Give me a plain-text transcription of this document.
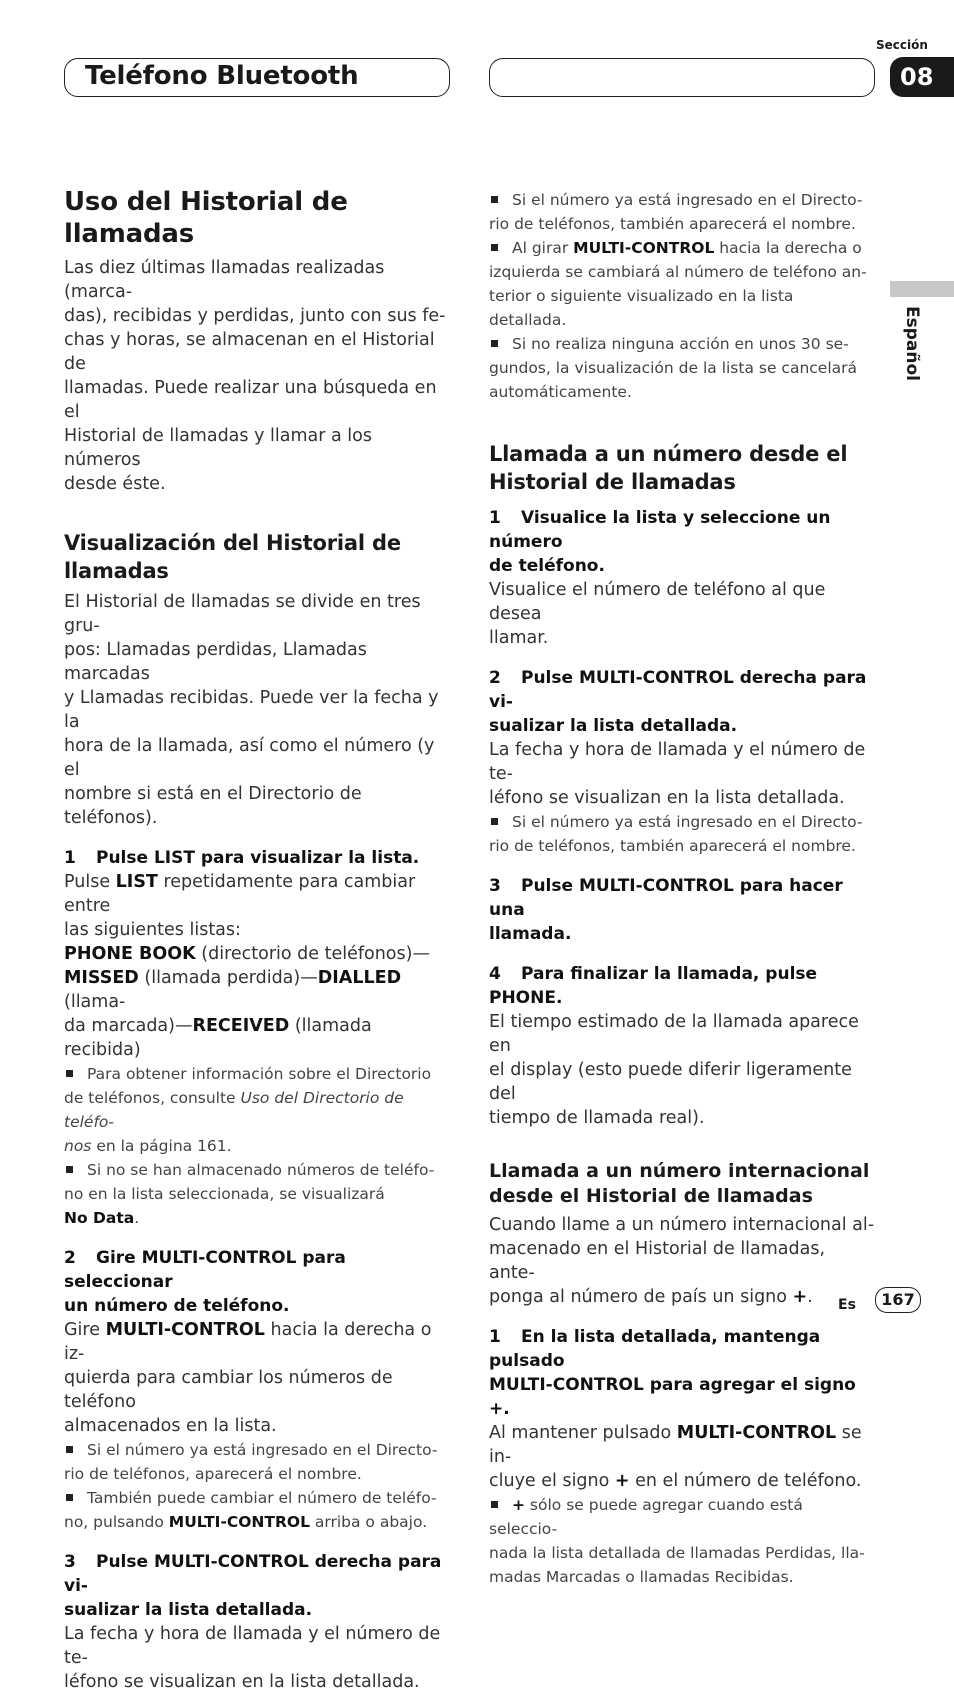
Teléfono Bluetooth
Sección
08
Español
Uso del Historial de llamadas

Las diez últimas llamadas realizadas (marca-
das), recibidas y perdidas, junto con sus fe-
chas y horas, se almacenan en el Historial de
llamadas. Puede realizar una búsqueda en el
Historial de llamadas y llamar a los números
desde éste.

Visualización del Historial de
llamadas

El Historial de llamadas se divide en tres gru-
pos: Llamadas perdidas, Llamadas marcadas
y Llamadas recibidas. Puede ver la fecha y la
hora de la llamada, así como el número (y el
nombre si está en el Directorio de teléfonos).

1 Pulse LIST para visualizar la lista.

Pulse LIST repetidamente para cambiar entre
las siguientes listas:
PHONE BOOK (directorio de teléfonos)—
MISSED (llamada perdida)—DIALLED (llama-
da marcada)—RECEIVED (llamada recibida)

Para obtener información sobre el Directorio
de teléfonos, consulte Uso del Directorio de teléfo-
nos en la página 161.

Si no se han almacenado números de teléfo-
no en la lista seleccionada, se visualizará
No Data.

2 Gire MULTI-CONTROL para seleccionar
un número de teléfono.

Gire MULTI-CONTROL hacia la derecha o iz-
quierda para cambiar los números de teléfono
almacenados en la lista.

Si el número ya está ingresado en el Directo-
rio de teléfonos, aparecerá el nombre.

También puede cambiar el número de teléfo-
no, pulsando MULTI-CONTROL arriba o abajo.

3 Pulse MULTI-CONTROL derecha para vi-
sualizar la lista detallada.

La fecha y hora de llamada y el número de te-
léfono se visualizan en la lista detallada.

Si el número ya está ingresado en el Directo-
rio de teléfonos, también aparecerá el nombre.

Al girar MULTI-CONTROL hacia la derecha o
izquierda se cambiará al número de teléfono an-
terior o siguiente visualizado en la lista detallada.

Si no realiza ninguna acción en unos 30 se-
gundos, la visualización de la lista se cancelará
automáticamente.

Llamada a un número desde el
Historial de llamadas

1 Visualice la lista y seleccione un número
de teléfono.

Visualice el número de teléfono al que desea
llamar.

2 Pulse MULTI-CONTROL derecha para vi-
sualizar la lista detallada.

La fecha y hora de llamada y el número de te-
léfono se visualizan en la lista detallada.

Si el número ya está ingresado en el Directo-
rio de teléfonos, también aparecerá el nombre.

3 Pulse MULTI-CONTROL para hacer una
llamada.

4 Para finalizar la llamada, pulse PHONE.

El tiempo estimado de la llamada aparece en
el display (esto puede diferir ligeramente del
tiempo de llamada real).

Llamada a un número internacional
desde el Historial de llamadas

Cuando llame a un número internacional al-
macenado en el Historial de llamadas, ante-
ponga al número de país un signo +.

1 En la lista detallada, mantenga pulsado
MULTI-CONTROL para agregar el signo +.

Al mantener pulsado MULTI-CONTROL se in-
cluye el signo + en el número de teléfono.

+ sólo se puede agregar cuando está seleccio-
nada la lista detallada de llamadas Perdidas, lla-
madas Marcadas o llamadas Recibidas.

Es	167
